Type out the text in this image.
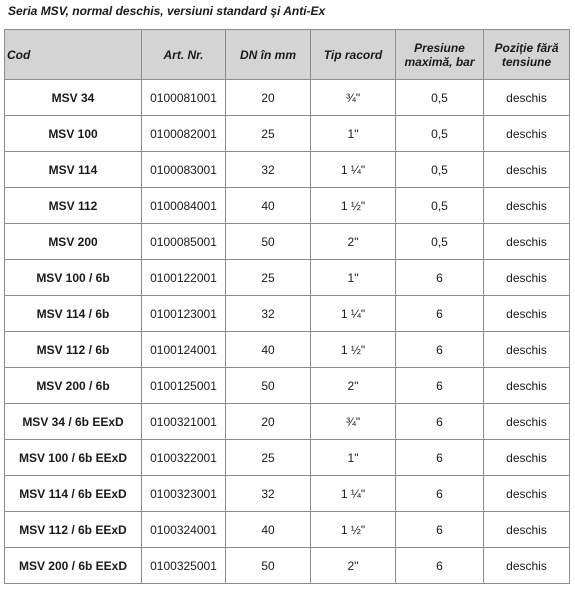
Seria MSV, normal deschis, versiuni standard şi Anti-Ex
Cod	Art. Nr.	DN în mm	Tip racord	Presiune maximă, bar	Poziție fără tensiune
MSV 34	0100081001	20	¾"	0,5	deschis
MSV 100	0100082001	25	1"	0,5	deschis
MSV 114	0100083001	32	1 ¼"	0,5	deschis
MSV 112	0100084001	40	1 ½"	0,5	deschis
MSV 200	0100085001	50	2"	0,5	deschis
MSV 100 / 6b	0100122001	25	1"	6	deschis
MSV 114 / 6b	0100123001	32	1 ¼"	6	deschis
MSV 112 / 6b	0100124001	40	1 ½"	6	deschis
MSV 200 / 6b	0100125001	50	2"	6	deschis
MSV 34 / 6b EExD	0100321001	20	¾"	6	deschis
MSV 100 / 6b EExD	0100322001	25	1"	6	deschis
MSV 114 / 6b EExD	0100323001	32	1 ¼"	6	deschis
MSV 112 / 6b EExD	0100324001	40	1 ½"	6	deschis
MSV 200 / 6b EExD	0100325001	50	2"	6	deschis
